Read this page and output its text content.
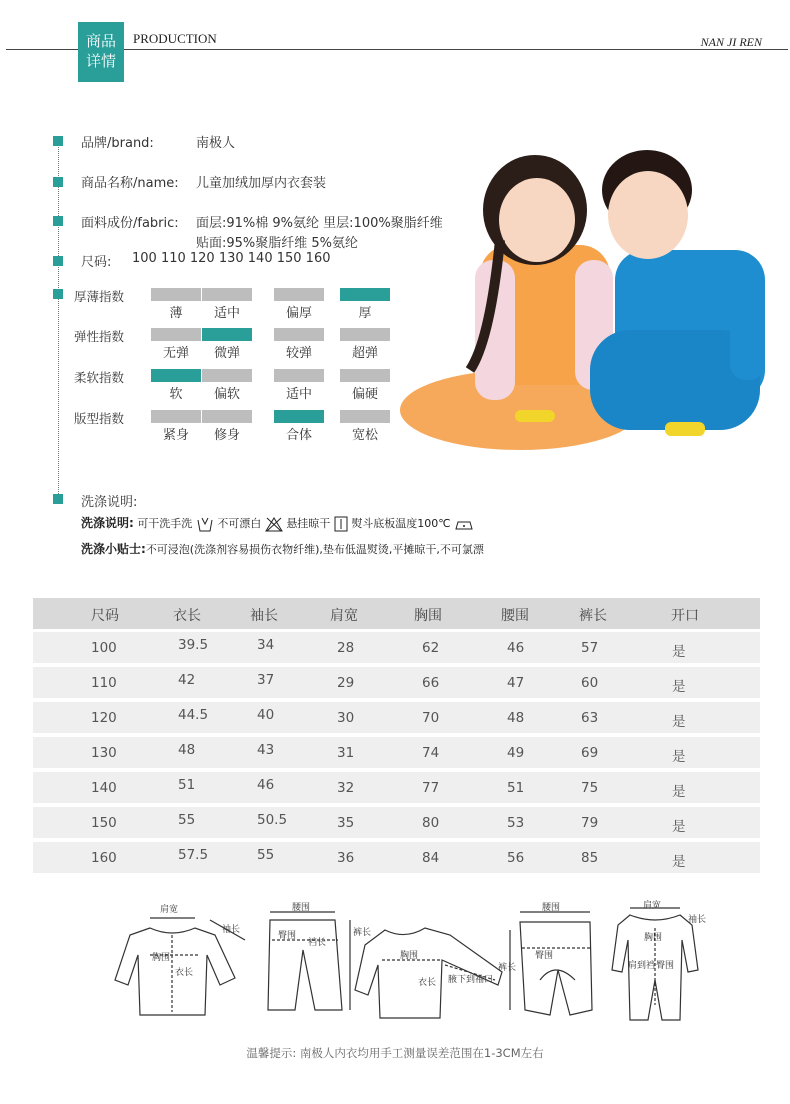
商品
详情
PRODUCTION	NAN JI REN
品牌/brand:	南极人
商品名称/name: 儿童加绒加厚内衣套装
面料成份/fabric: 面层:91%棉 9%氨纶 里层:100%聚脂纤维
贴面:95%聚脂纤维 5%氨纶
尺码: 100 110 120 130 140 150 160
厚薄指数
薄	适中	偏厚	厚
弹性指数
无弹	微弹	较弹	超弹
柔软指数
软	偏软	适中	偏硬
版型指数
紧身	修身	合体	宽松
洗涤说明:
洗涤说明: 可干洗手洗 不可漂白 悬挂晾干 熨斗底板温度100℃
洗涤小贴士:不可浸泡(洗涤剂容易损伤衣物纤维),垫布低温熨烫,平摊晾干,不可氯漂
尺码	衣长	袖长	肩宽	胸围	腰围	裤长	开口
100	39.5	34	28	62	46	57	是
110	42	37	29	66	47	60	是
120	44.5	40	30	70	48	63	是
130	48	43	31	74	49	69	是
140	51	46	32	77	51	75	是
150	55	50.5	35	80	53	79	是
160	57.5	55	36	84	56	85	是
肩宽
袖长
胸围
衣长
腰围
臀围
裆长
裤长
胸围
衣长 腋下到袖口
腰围
臀围
裤长
肩宽
袖长
胸围
肩到裆 臀围
温馨提示: 南极人内衣均用手工测量误差范围在1-3CM左右
